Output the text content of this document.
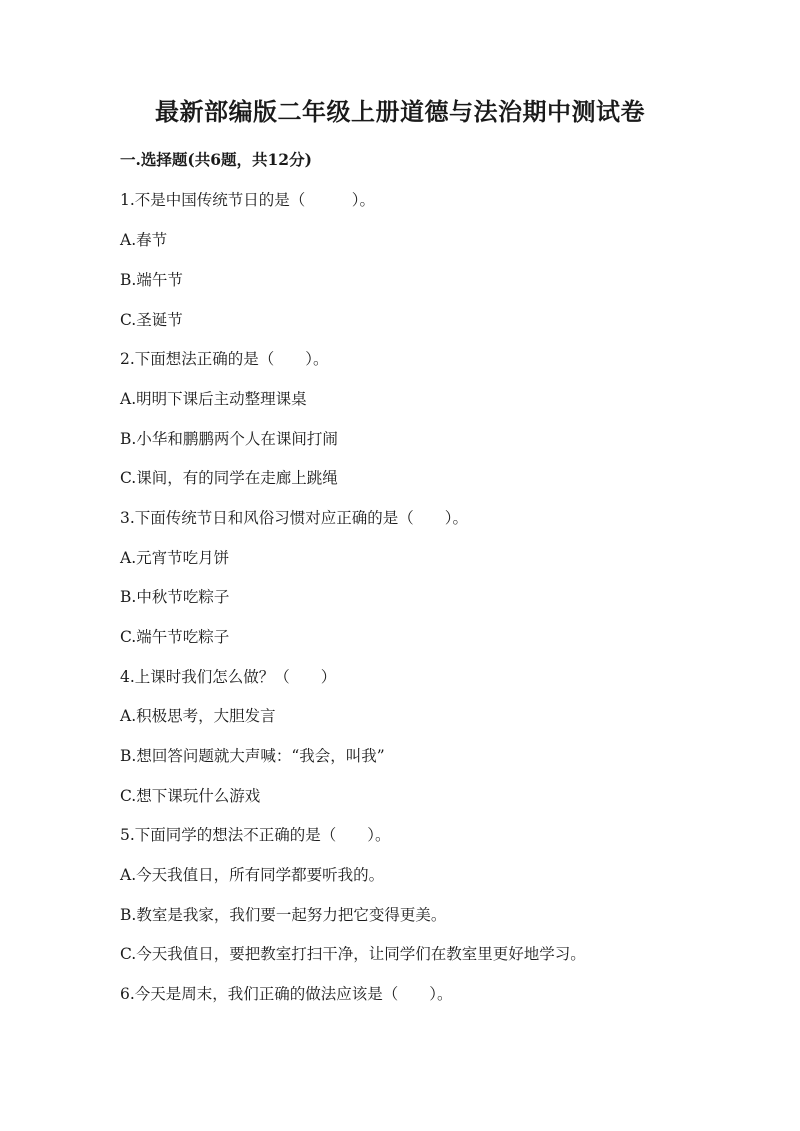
最新部编版二年级上册道德与法治期中测试卷
一.选择题(共6题，共12分)
1.不是中国传统节日的是（　　　）。
A.春节
B.端午节
C.圣诞节
2.下面想法正确的是（　　）。
A.明明下课后主动整理课桌
B.小华和鹏鹏两个人在课间打闹
C.课间，有的同学在走廊上跳绳
3.下面传统节日和风俗习惯对应正确的是（　　）。
A.元宵节吃月饼
B.中秋节吃粽子
C.端午节吃粽子
4.上课时我们怎么做？（　　）
A.积极思考，大胆发言
B.想回答问题就大声喊：“我会，叫我”
C.想下课玩什么游戏
5.下面同学的想法不正确的是（　　）。
A.今天我值日，所有同学都要听我的。
B.教室是我家，我们要一起努力把它变得更美。
C.今天我值日，要把教室打扫干净，让同学们在教室里更好地学习。
6.今天是周末，我们正确的做法应该是（　　）。
